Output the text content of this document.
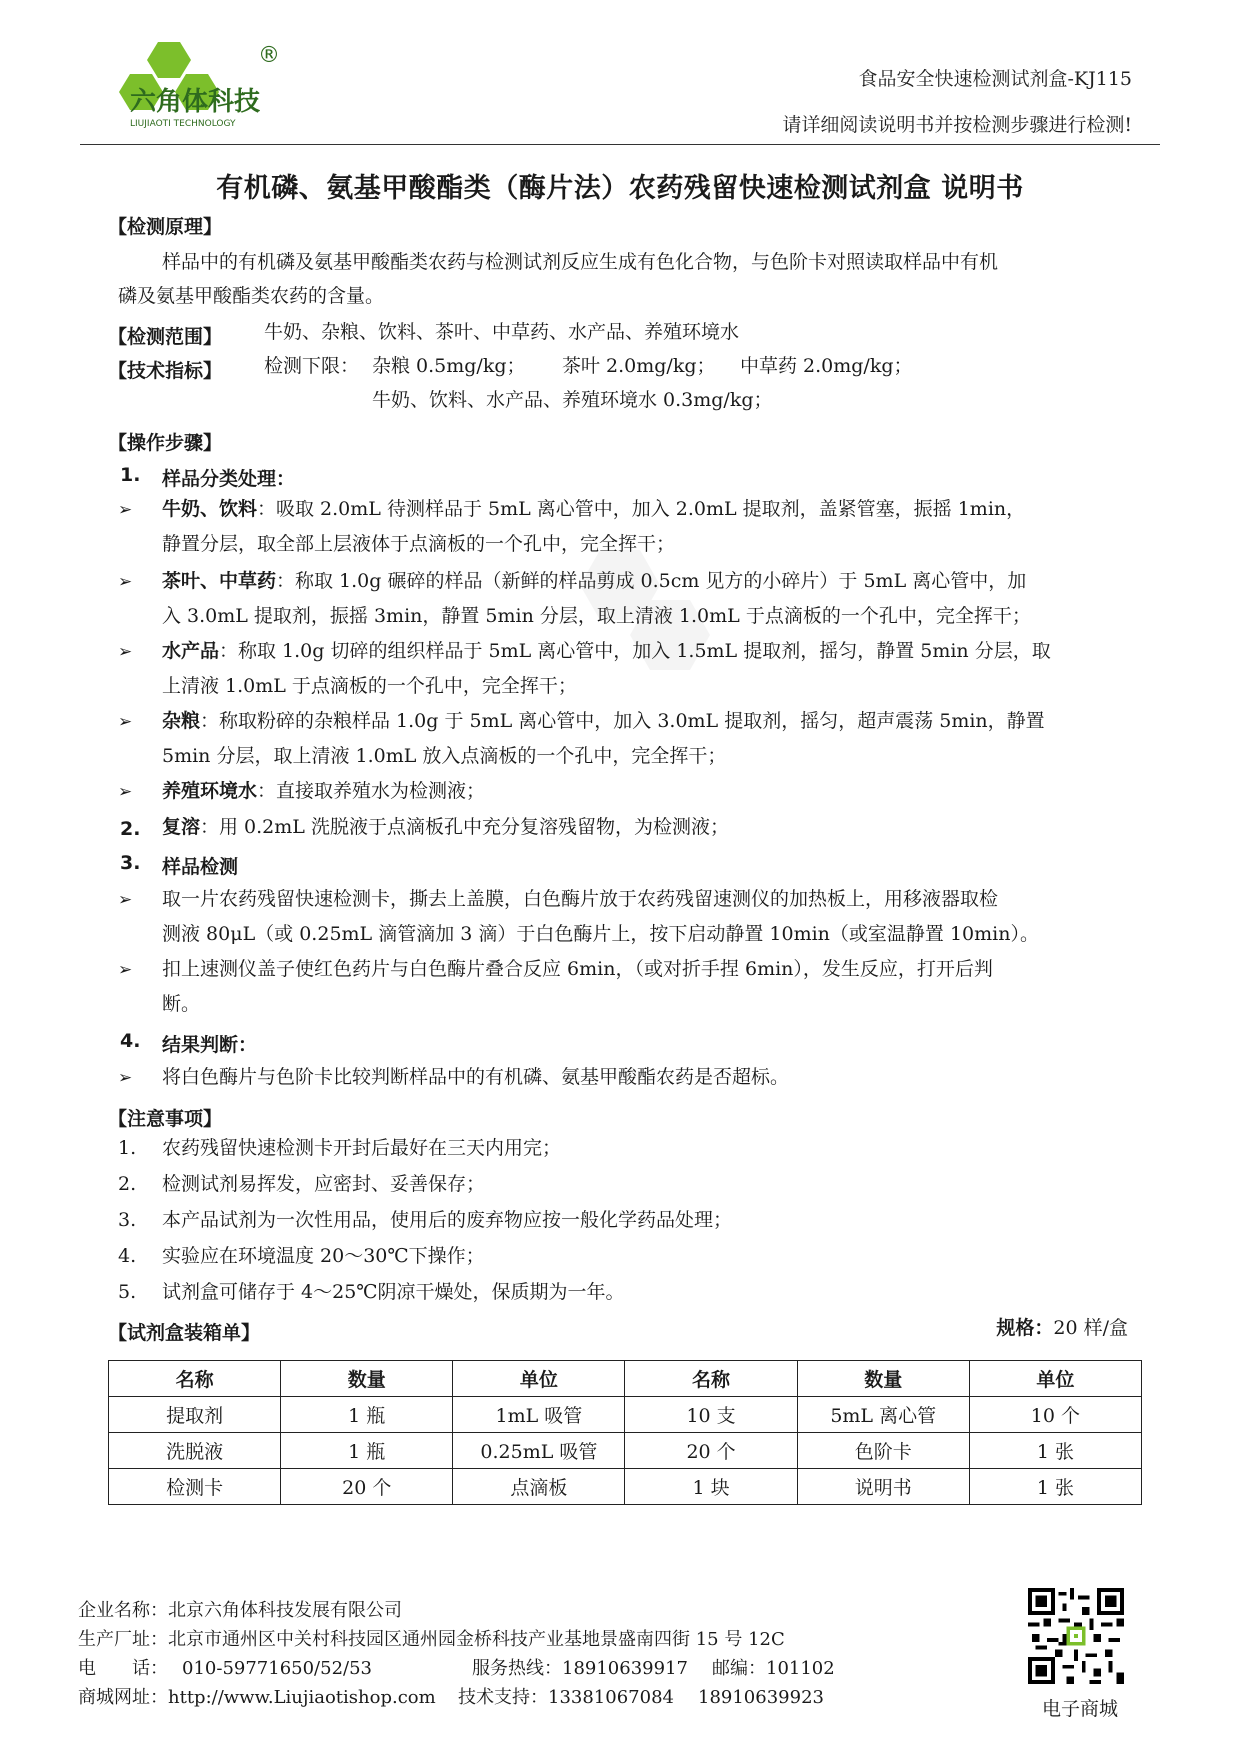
®
六角体科技
LIUJIAOTI TECHNOLOGY
食品安全快速检测试剂盒-KJ115
请详细阅读说明书并按检测步骤进行检测!
有机磷、氨基甲酸酯类（酶片法）农药残留快速检测试剂盒 说明书
【检测原理】
样品中的有机磷及氨基甲酸酯类农药与检测试剂反应生成有色化合物，与色阶卡对照读取样品中有机
磷及氨基甲酸酯类农药的含量。
【检测范围】 牛奶、杂粮、饮料、茶叶、中草药、水产品、养殖环境水
【技术指标】 检测下限： 杂粮 0.5mg/kg； 茶叶 2.0mg/kg； 中草药 2.0mg/kg；
牛奶、饮料、水产品、养殖环境水 0.3mg/kg；
【操作步骤】
1. 样品分类处理：
➢ 牛奶、饮料：吸取 2.0mL 待测样品于 5mL 离心管中，加入 2.0mL 提取剂，盖紧管塞，振摇 1min，
静置分层，取全部上层液体于点滴板的一个孔中，完全挥干；
➢ 茶叶、中草药：称取 1.0g 碾碎的样品（新鲜的样品剪成 0.5cm 见方的小碎片）于 5mL 离心管中，加
入 3.0mL 提取剂，振摇 3min，静置 5min 分层，取上清液 1.0mL 于点滴板的一个孔中，完全挥干；
➢ 水产品：称取 1.0g 切碎的组织样品于 5mL 离心管中，加入 1.5mL 提取剂，摇匀，静置 5min 分层，取
上清液 1.0mL 于点滴板的一个孔中，完全挥干；
➢ 杂粮：称取粉碎的杂粮样品 1.0g 于 5mL 离心管中，加入 3.0mL 提取剂，摇匀，超声震荡 5min，静置
5min 分层，取上清液 1.0mL 放入点滴板的一个孔中，完全挥干；
➢ 养殖环境水：直接取养殖水为检测液；
2. 复溶：用 0.2mL 洗脱液于点滴板孔中充分复溶残留物，为检测液；
3. 样品检测
➢ 取一片农药残留快速检测卡，撕去上盖膜，白色酶片放于农药残留速测仪的加热板上，用移液器取检
测液 80μL（或 0.25mL 滴管滴加 3 滴）于白色酶片上，按下启动静置 10min（或室温静置 10min）。
➢ 扣上速测仪盖子使红色药片与白色酶片叠合反应 6min，（或对折手捏 6min），发生反应，打开后判
断。
4. 结果判断：
➢ 将白色酶片与色阶卡比较判断样品中的有机磷、氨基甲酸酯农药是否超标。
【注意事项】
1. 农药残留快速检测卡开封后最好在三天内用完；
2. 检测试剂易挥发，应密封、妥善保存；
3. 本产品试剂为一次性用品，使用后的废弃物应按一般化学药品处理；
4. 实验应在环境温度 20～30℃下操作；
5. 试剂盒可储存于 4～25℃阴凉干燥处，保质期为一年。
【试剂盒装箱单】	规格：20 样/盒
名称	数量	单位	名称	数量	单位
提取剂	1 瓶	1mL 吸管	10 支	5mL 离心管	10 个
洗脱液	1 瓶	0.25mL 吸管	20 个	色阶卡	1 张
检测卡	20 个	点滴板	1 块	说明书	1 张
企业名称：北京六角体科技发展有限公司
生产厂址：北京市通州区中关村科技园区通州园金桥科技产业基地景盛南四街 15 号 12C
电　　话： 010-59771650/52/53	服务热线：18910639917 邮编：101102
商城网址：http://www.Liujiaotishop.com 技术支持：13381067084 18910639923
电子商城
